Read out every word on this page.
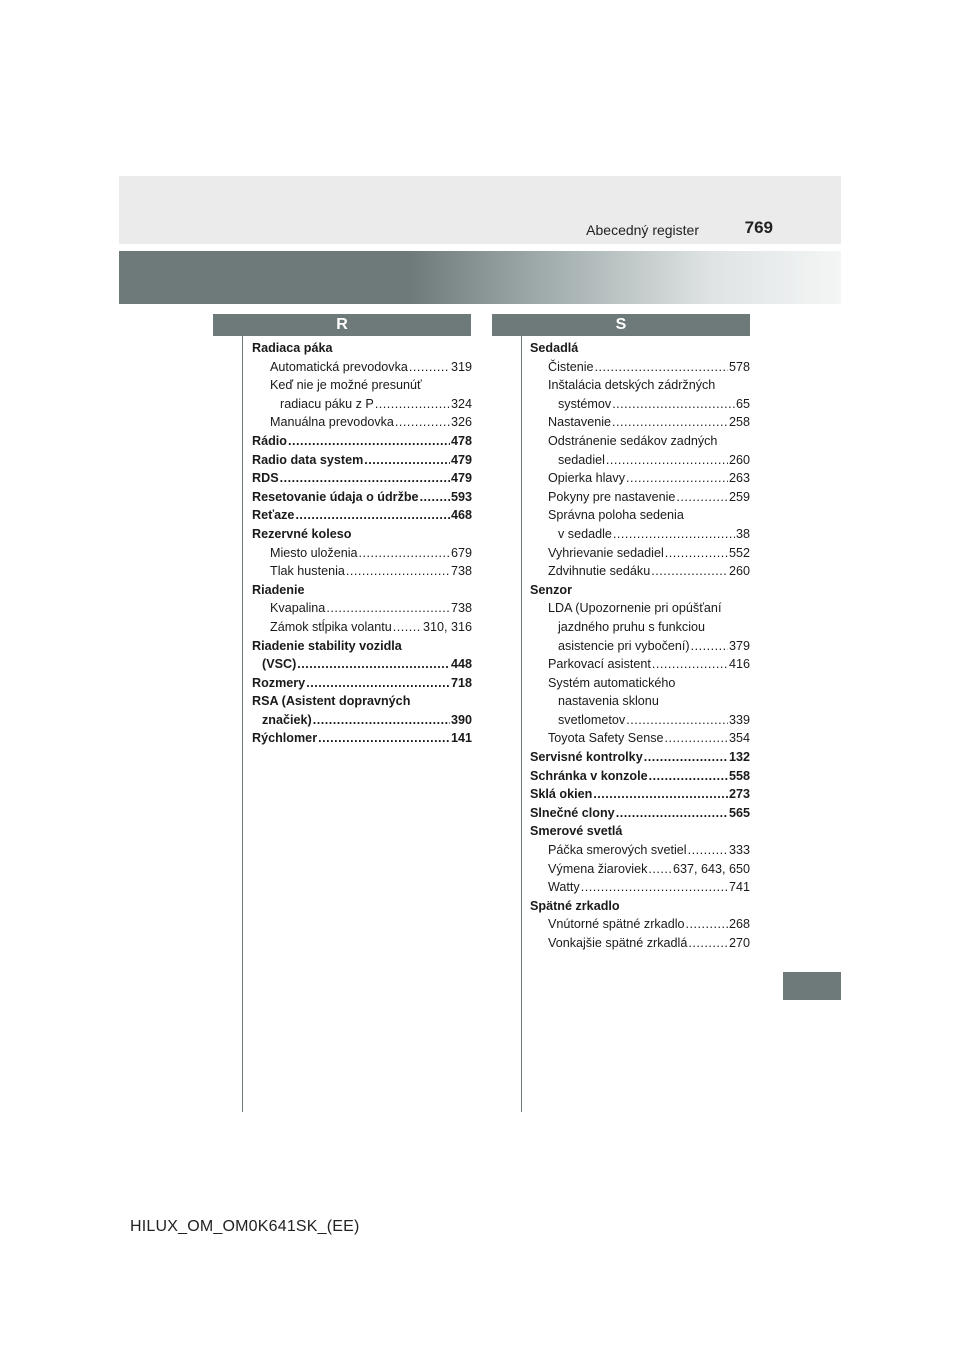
Abecedný register	769
R	S
Radiaca páka
Automatická prevodovka .....	319
Keď nie je možné presunúť
radiacu páku z P .....	324
Manuálna prevodovka .....	326
Rádio .....	478
Radio data system .....	479
RDS .....	479
Resetovanie údaja o údržbe .....	593
Reťaze .....	468
Rezervné koleso
Miesto uloženia .....	679
Tlak hustenia .....	738
Riadenie
Kvapalina .....	738
Zámok stĺpika volantu ..... 310, 316
Riadenie stability vozidla
(VSC) .....	448
Rozmery .....	718
RSA (Asistent dopravných
značiek) .....	390
Rýchlomer .....	141
Sedadlá
Čistenie .....	578
Inštalácia detských zádržných
systémov .....	65
Nastavenie .....	258
Odstránenie sedákov zadných
sedadiel .....	260
Opierka hlavy .....	263
Pokyny pre nastavenie .....	259
Správna poloha sedenia
v sedadle .....	38
Vyhrievanie sedadiel .....	552
Zdvihnutie sedáku .....	260
Senzor
LDA (Upozornenie pri opúšťaní
jazdného pruhu s funkciou
asistencie pri vybočení) .....	379
Parkovací asistent .....	416
Systém automatického
nastavenia sklonu
svetlometov .....	339
Toyota Safety Sense .....	354
Servisné kontrolky .....	132
Schránka v konzole .....	558
Sklá okien .....	273
Slnečné clony .....	565
Smerové svetlá
Páčka smerových svetiel .....	333
Výmena žiaroviek ..... 637, 643, 650
Watty .....	741
Spätné zrkadlo
Vnútorné spätné zrkadlo .....	268
Vonkajšie spätné zrkadlá .....	270
HILUX_OM_OM0K641SK_(EE)
